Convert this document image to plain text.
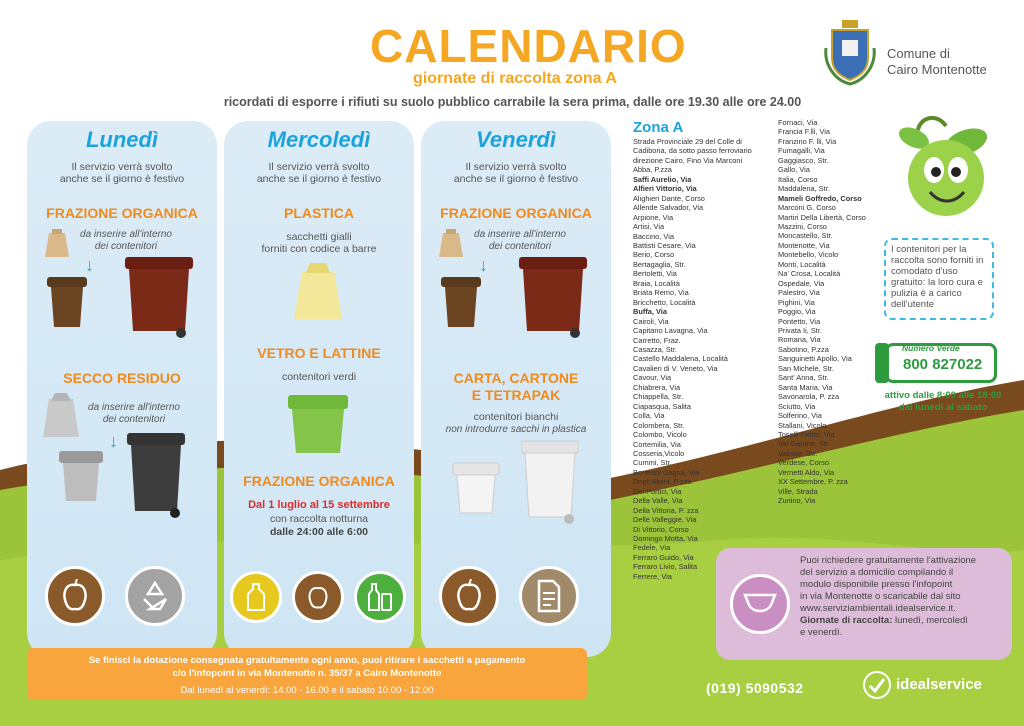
CALENDARIO
giornate di raccolta zona A
ricordati di esporre i rifiuti su suolo pubblico carrabile la sera prima, dalle ore 19.30 alle ore 24.00
Comune di
Cairo Montenotte
Lunedì
Il servizio verrà svolto
anche se il giorno è festivo
FRAZIONE ORGANICA
da inserire all'interno
dei contenitori
↓
SECCO RESIDUO
da inserire all'interno
dei contenitori
↓
Mercoledì
Il servizio verrà svolto
anche se il giorno è festivo
PLASTICA
sacchetti gialli
forniti con codice a barre
VETRO E LATTINE
contenitori verdi
FRAZIONE ORGANICA
Dal 1 luglio al 15 settembre
con raccolta notturna
dalle 24:00 alle 6:00
Venerdì
Il servizio verrà svolto
anche se il giorno è festivo
FRAZIONE ORGANICA
da inserire all'interno
dei contenitori
↓
CARTA, CARTONE
E TETRAPAK
contenitori bianchi
non introdurre sacchi in plastica
Zona A
Strada Provinciale 29 del Colle di
Cadibona, da sotto passo ferroviario
direzione Cairo, Fino Via Marconi
Abba, P.zza
Saffi Aurelio, Via
Alfieri Vittorio, Via
Alighieri Dante, Corso
Allende Salvador, Via
Arpione, Via
Artisi, Via
Baccino, Via
Battisti Cesare, Via
Berio, Corso
Bertagaglia, Str.
Bertoletti, Via
Braia, Località
Briata Remo, Via
Bricchetto, Località
Buffa, Via
Cairoli, Via
Capitano Lavagna, Via
Carretto, Fraz.
Casazza, Str.
Castello Maddalena, Località
Cavalieri di V. Veneto, Via
Cavour, Via
Chiabrera, Via
Chiappella, Str.
Ciapasqua, Salita
Colla, Via
Colombera, Str.
Colombo, Vicolo
Cortemilia, Via
Cosseria,Vicolo
Cummi, Str.
Borreani Dagna, Via
Degli Alpini, P.zza
Dei Portici, Via
Della Valle, Via
Della Vittoria, P. zza
Delle Valleggie, Via
Di Vittorio, Corso
Domingo Motta, Via
Fedele, Via
Ferraro Guido, Via
Ferraro Livio, Salita
Ferrere, Via
Fornaci, Via
Francia F.lli, Via
Franzino F. lli, Via
Fumagalli, Via
Gaggiasco, Str.
Gallo, Via
Italia, Corso
Maddalena, Str.
Mameli Goffredo, Corso
Marconi G. Corso
Martiri Della Libertà, Corso
Mazzini, Corso
Moncastello, Str.
Montenotte, Via
Montebello, Vicolo
Monti, Località
Na' Crosa, Località
Ospedale, Via
Palestro, Via
Pighini, Via
Poggio, Via
Pontetto, Via
Privata Ii, Str.
Romana, Via
Sabotino, P.zza
Sanguinetti Apollo, Via
San Michele, Str.
Sant' Anna, Str.
Santa Maria, Via
Savonarola, P. zza
Sciutto, Via
Solferino, Via
Stallani, Vicolo
Toselli Pietro, Via
Val Garone, Str.
Vallone, Str.
Verdese, Corso
Vernetti Aldo, Via
XX Settembre, P. zza
Ville, Strada
Zunino, Via
I contenitori per la raccolta sono forniti in comodato d'uso gratuito: la loro cura e pulizia è a carico dell'utente
Numero Verde
800 827022
attivo dalle 8:00 alle 18:00
dal lunedì al sabato
Puoi richiedere gratuitamente l'attivazione
del servizio a domicilio compilando il
modulo disponibile presso l'infopoint
in via Montenotte o scaricabile dal sito
www.serviziambientali.idealservice.it.
Giornate di raccolta: lunedì, mercoledì
e venerdì.
Se finisci la dotazione consegnata gratuitamente ogni anno, puoi ritirare i sacchetti a pagamento
c/o l'infopoint in via Montenotte n. 35/37 a Cairo Montenotte
Dal lunedì al venerdì: 14.00 - 16.00 e il sabato 10.00 - 12.00	(019) 5090532	idealservice
